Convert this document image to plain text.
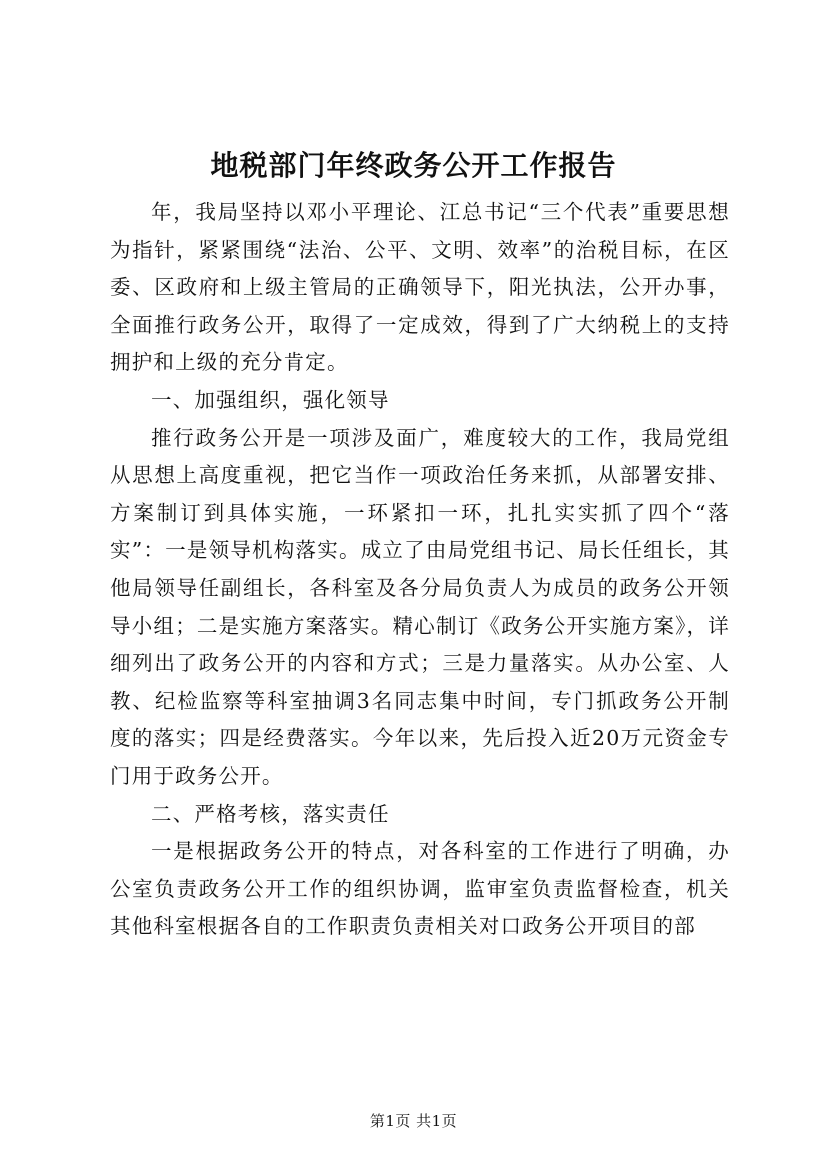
地税部门年终政务公开工作报告

年，我局坚持以邓小平理论、江总书记“三个代表”重要思想为指针，紧紧围绕“法治、公平、文明、效率”的治税目标，在区委、区政府和上级主管局的正确领导下，阳光执法，公开办事，全面推行政务公开，取得了一定成效，得到了广大纳税上的支持拥护和上级的充分肯定。

一、加强组织，强化领导

推行政务公开是一项涉及面广，难度较大的工作，我局党组从思想上高度重视，把它当作一项政治任务来抓，从部署安排、方案制订到具体实施，一环紧扣一环，扎扎实实抓了四个“落实”：一是领导机构落实。成立了由局党组书记、局长任组长，其他局领导任副组长，各科室及各分局负责人为成员的政务公开领导小组；二是实施方案落实。精心制订《政务公开实施方案》，详细列出了政务公开的内容和方式；三是力量落实。从办公室、人教、纪检监察等科室抽调3名同志集中时间，专门抓政务公开制度的落实；四是经费落实。今年以来，先后投入近20万元资金专门用于政务公开。

二、严格考核，落实责任

一是根据政务公开的特点，对各科室的工作进行了明确，办公室负责政务公开工作的组织协调，监审室负责监督检查，机关其他科室根据各自的工作职责负责相关对口政务公开项目的部

第1页 共1页
